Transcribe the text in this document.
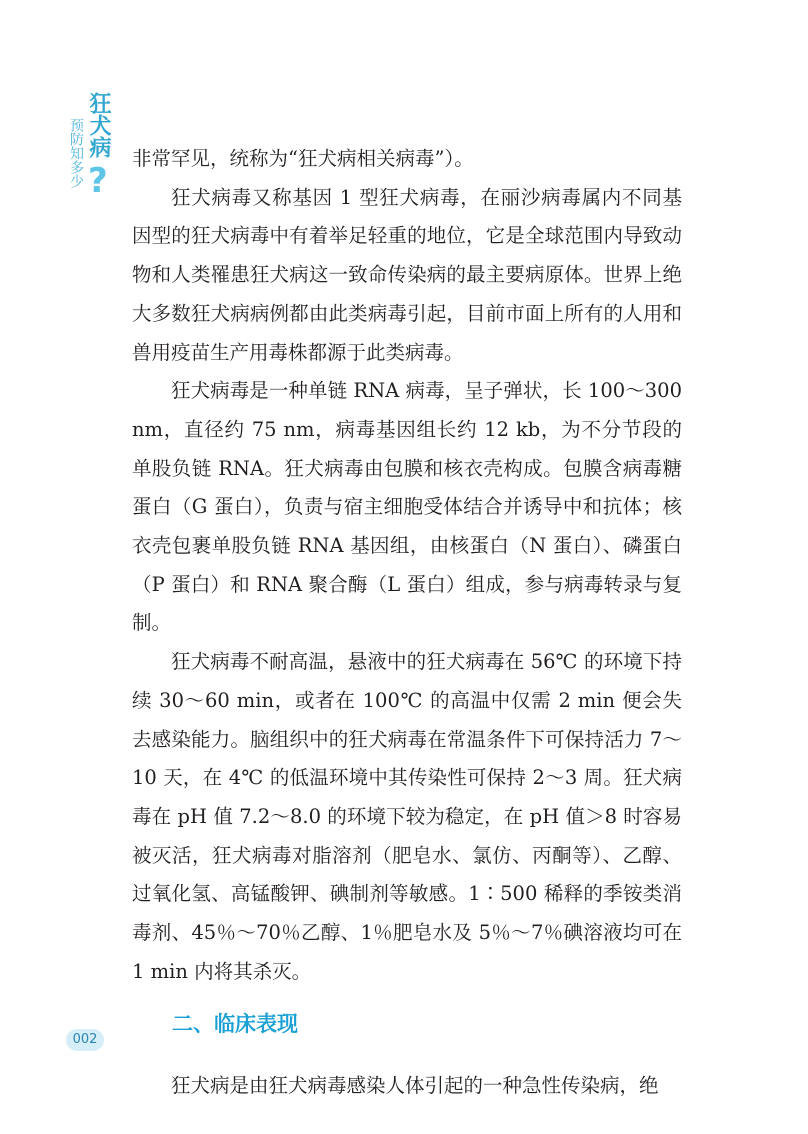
狂犬病
预防知多少 ?

非常罕见，统称为“狂犬病相关病毒”）。

狂犬病毒又称基因 1 型狂犬病毒，在丽沙病毒属内不同基因型的狂犬病毒中有着举足轻重的地位，它是全球范围内导致动物和人类罹患狂犬病这一致命传染病的最主要病原体。世界上绝大多数狂犬病病例都由此类病毒引起，目前市面上所有的人用和兽用疫苗生产用毒株都源于此类病毒。

狂犬病毒是一种单链 RNA 病毒，呈子弹状，长 100～300 nm，直径约 75 nm，病毒基因组长约 12 kb，为不分节段的单股负链 RNA。狂犬病毒由包膜和核衣壳构成。包膜含病毒糖蛋白（G 蛋白），负责与宿主细胞受体结合并诱导中和抗体；核衣壳包裹单股负链 RNA 基因组，由核蛋白（N 蛋白）、磷蛋白（P 蛋白）和 RNA 聚合酶（L 蛋白）组成，参与病毒转录与复制。

狂犬病毒不耐高温，悬液中的狂犬病毒在 56℃ 的环境下持续 30～60 min，或者在 100℃ 的高温中仅需 2 min 便会失去感染能力。脑组织中的狂犬病毒在常温条件下可保持活力 7～10 天，在 4℃ 的低温环境中其传染性可保持 2～3 周。狂犬病毒在 pH 值 7.2～8.0 的环境下较为稳定，在 pH 值＞8 时容易被灭活，狂犬病毒对脂溶剂（肥皂水、氯仿、丙酮等）、乙醇、过氧化氢、高锰酸钾、碘制剂等敏感。1∶500 稀释的季铵类消毒剂、45％～70％乙醇、1％肥皂水及 5％～7％碘溶液均可在 1 min 内将其杀灭。

二、临床表现

狂犬病是由狂犬病毒感染人体引起的一种急性传染病，绝

002
